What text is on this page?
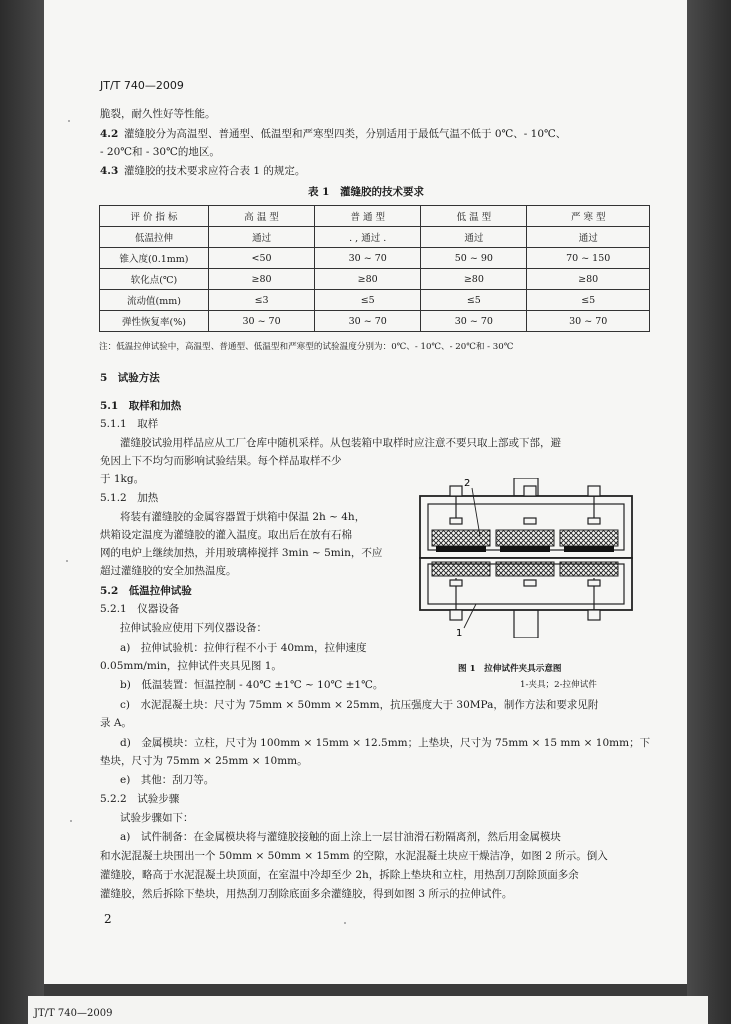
JT/T 740—2009
脆裂，耐久性好等性能。
4.2 灌缝胶分为高温型、普通型、低温型和严寒型四类，分别适用于最低气温不低于 0℃、- 10℃、
- 20℃和 - 30℃的地区。
4.3 灌缝胶的技术要求应符合表 1 的规定。
表 1　灌缝胶的技术要求
评 价 指 标	高 温 型	普 通 型	低 温 型	严 寒 型
低温拉伸	通过	. , 通过 .	通过	通过
锥入度(0.1mm)	<50	30 ~ 70	50 ~ 90	70 ~ 150
软化点(℃)	≥80	≥80	≥80	≥80
流动值(mm)	≤3	≤5	≤5	≤5
弹性恢复率(%)	30 ~ 70	30 ~ 70	30 ~ 70	30 ~ 70
注：低温拉伸试验中，高温型、普通型、低温型和严寒型的试验温度分别为：0℃、- 10℃、- 20℃和 - 30℃
5　试验方法
5.1　取样和加热
5.1.1　取样
灌缝胶试验用样品应从工厂仓库中随机采样。从包装箱中取样时应注意不要只取上部或下部，避
免因上下不均匀而影响试验结果。每个样品取样不少
于 1kg。
5.1.2　加热
将装有灌缝胶的金属容器置于烘箱中保温 2h ~ 4h，
烘箱设定温度为灌缝胶的灌入温度。取出后在放有石棉
网的电炉上继续加热，并用玻璃棒搅拌 3min ~ 5min，不应
超过灌缝胶的安全加热温度。
5.2　低温拉伸试验
5.2.1　仪器设备
拉伸试验应使用下列仪器设备：
a)　拉伸试验机：拉伸行程不小于 40mm，拉伸速度
0.05mm/min，拉伸试件夹具见图 1。
b)　低温装置：恒温控制 - 40℃ ±1℃ ~ 10℃ ±1℃。
c)　水泥混凝土块：尺寸为 75mm × 50mm × 25mm，抗压强度大于 30MPa，制作方法和要求见附
录 A。
d)　金属模块：立柱，尺寸为 100mm × 15mm × 12.5mm；上垫块，尺寸为 75mm × 15 mm × 10mm；下
垫块，尺寸为 75mm × 25mm × 10mm。
e)　其他：刮刀等。
5.2.2　试验步骤
试验步骤如下：
a)　试件制备：在金属模块将与灌缝胶接触的面上涂上一层甘油滑石粉隔离剂，然后用金属模块
和水泥混凝土块围出一个 50mm × 50mm × 15mm 的空隙，水泥混凝土块应干燥洁净，如图 2 所示。倒入
灌缝胶，略高于水泥混凝土块顶面，在室温中冷却至少 2h，拆除上垫块和立柱，用热刮刀刮除顶面多余
灌缝胶，然后拆除下垫块，用热刮刀刮除底面多余灌缝胶，得到如图 3 所示的拉伸试件。
2
1
图 1　拉伸试件夹具示意图
1-夹具；2-拉伸试件
2
JT/T 740—2009
